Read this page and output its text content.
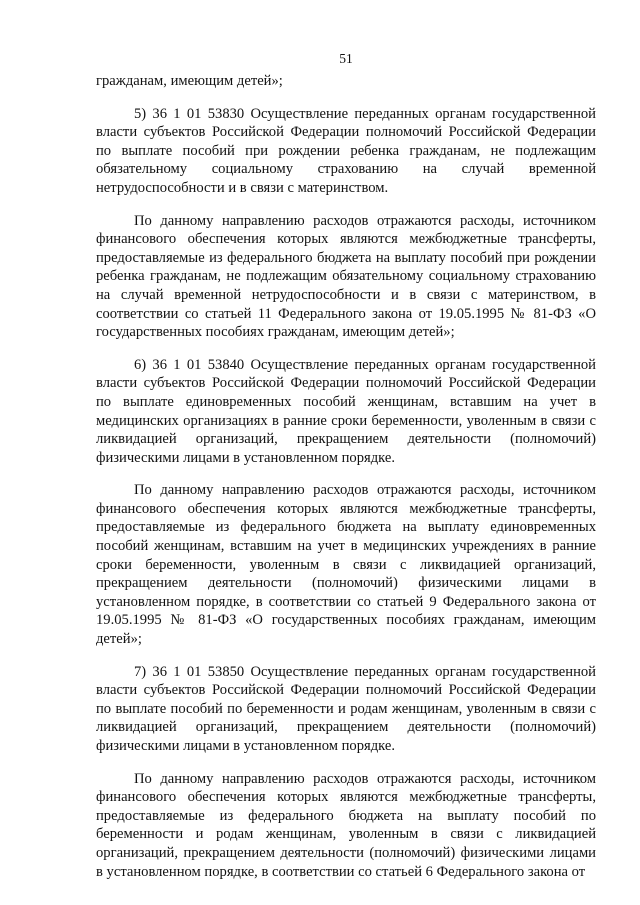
51

гражданам, имеющим детей»;

5) 36 1 01 53830 Осуществление переданных органам государственной власти субъектов Российской Федерации полномочий Российской Федерации по выплате пособий при рождении ребенка гражданам, не подлежащим обязательному социальному страхованию на случай временной нетрудоспособности и в связи с материнством.

По данному направлению расходов отражаются расходы, источником финансового обеспечения которых являются межбюджетные трансферты, предоставляемые из федерального бюджета на выплату пособий при рождении ребенка гражданам, не подлежащим обязательному социальному страхованию на случай временной нетрудоспособности и в связи с материнством, в соответствии со статьей 11 Федерального закона от 19.05.1995 № 81-ФЗ «О государственных пособиях гражданам, имеющим детей»;

6) 36 1 01 53840 Осуществление переданных органам государственной власти субъектов Российской Федерации полномочий Российской Федерации по выплате единовременных пособий женщинам, вставшим на учет в медицинских организациях в ранние сроки беременности, уволенным в связи с ликвидацией организаций, прекращением деятельности (полномочий) физическими лицами в установленном порядке.

По данному направлению расходов отражаются расходы, источником финансового обеспечения которых являются межбюджетные трансферты, предоставляемые из федерального бюджета на выплату единовременных пособий женщинам, вставшим на учет в медицинских учреждениях в ранние сроки беременности, уволенным в связи с ликвидацией организаций, прекращением деятельности (полномочий) физическими лицами в установленном порядке, в соответствии со статьей 9 Федерального закона от 19.05.1995 № 81-ФЗ «О государственных пособиях гражданам, имеющим детей»;

7) 36 1 01 53850 Осуществление переданных органам государственной власти субъектов Российской Федерации полномочий Российской Федерации по выплате пособий по беременности и родам женщинам, уволенным в связи с ликвидацией организаций, прекращением деятельности (полномочий) физическими лицами в установленном порядке.

По данному направлению расходов отражаются расходы, источником финансового обеспечения которых являются межбюджетные трансферты, предоставляемые из федерального бюджета на выплату пособий по беременности и родам женщинам, уволенным в связи с ликвидацией организаций, прекращением деятельности (полномочий) физическими лицами в установленном порядке, в соответствии со статьей 6 Федерального закона от
